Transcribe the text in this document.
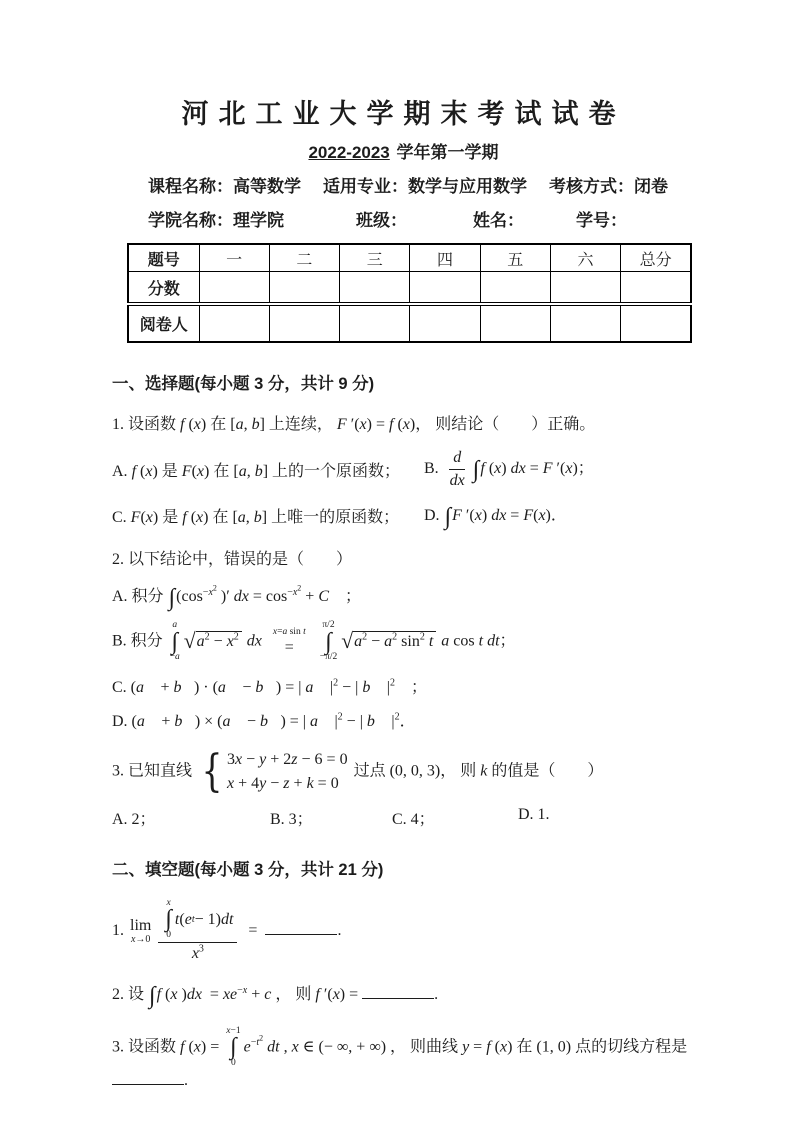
河北工业大学期末考试试卷
2022-2023 学年第一学期
课程名称：高等数学 适用专业：数学与应用数学 考核方式：闭卷
学院名称：理学院	班级：	姓名：	学号：
题号	一	二	三	四	五	六	总分
分数							
阅卷人							
一、选择题(每小题 3 分，共计 9 分)
1. 设函数 f (x) 在 [a, b] 上连续， F ′(x) = f (x)， 则结论（　　）正确。
A. f (x) 是 F(x) 在 [a, b] 上的一个原函数；	B. $\frac{d}{dx} \int f$ (x) dx = F ′(x)；
C. F(x) 是 f (x) 在 [a, b] 上唯一的原函数；	D. ∫F ′(x) dx = F(x)．
2. 以下结论中，错误的是（　　）
A. 积分 $\int(\cos^{-x^2}$ )′ dx = $\cos^{-x^2} + C$　；
B. 积分
a
∫
−a
√ $a^2 - x^2$ dx
x=a sin t
=

π/2
∫
−π/2
√ $a^2 - a^2$ $\sin^2 t$ a cos t dt；
C. (a⃗ + b⃗) · (a⃗ − b⃗) = | a⃗ $|^2$ − | b⃗ $|^2$　；
D. (a⃗ + b⃗) × (a⃗ − b⃗) = | a⃗ $|^2$ − | b⃗ $|^2$．
3. 已知直线 { 3x − y + 2z − 6 = 0
x + 4y − z + k = 0
过点 (0, 0, 3)， 则 k 的值是（　　）
A. 2；	B. 3；	C. 4；	D. 1.
二、填空题(每小题 3 分，共计 21 分)
1. lim
x→0 x
∫
0
t ( e t − 1) dt
$x^3$ =	.
2. 设 ∫f (x )$dx = xe^{-x} + c$ ， 则 f ′(x) =	.
3. 设函数 f (x) =
x−1
∫
0
$e^{-t^2}$ dt , x ∈ (− ∞, + ∞) ， 则曲线 y = f (x) 在 (1, 0) 点的切线方程是.
